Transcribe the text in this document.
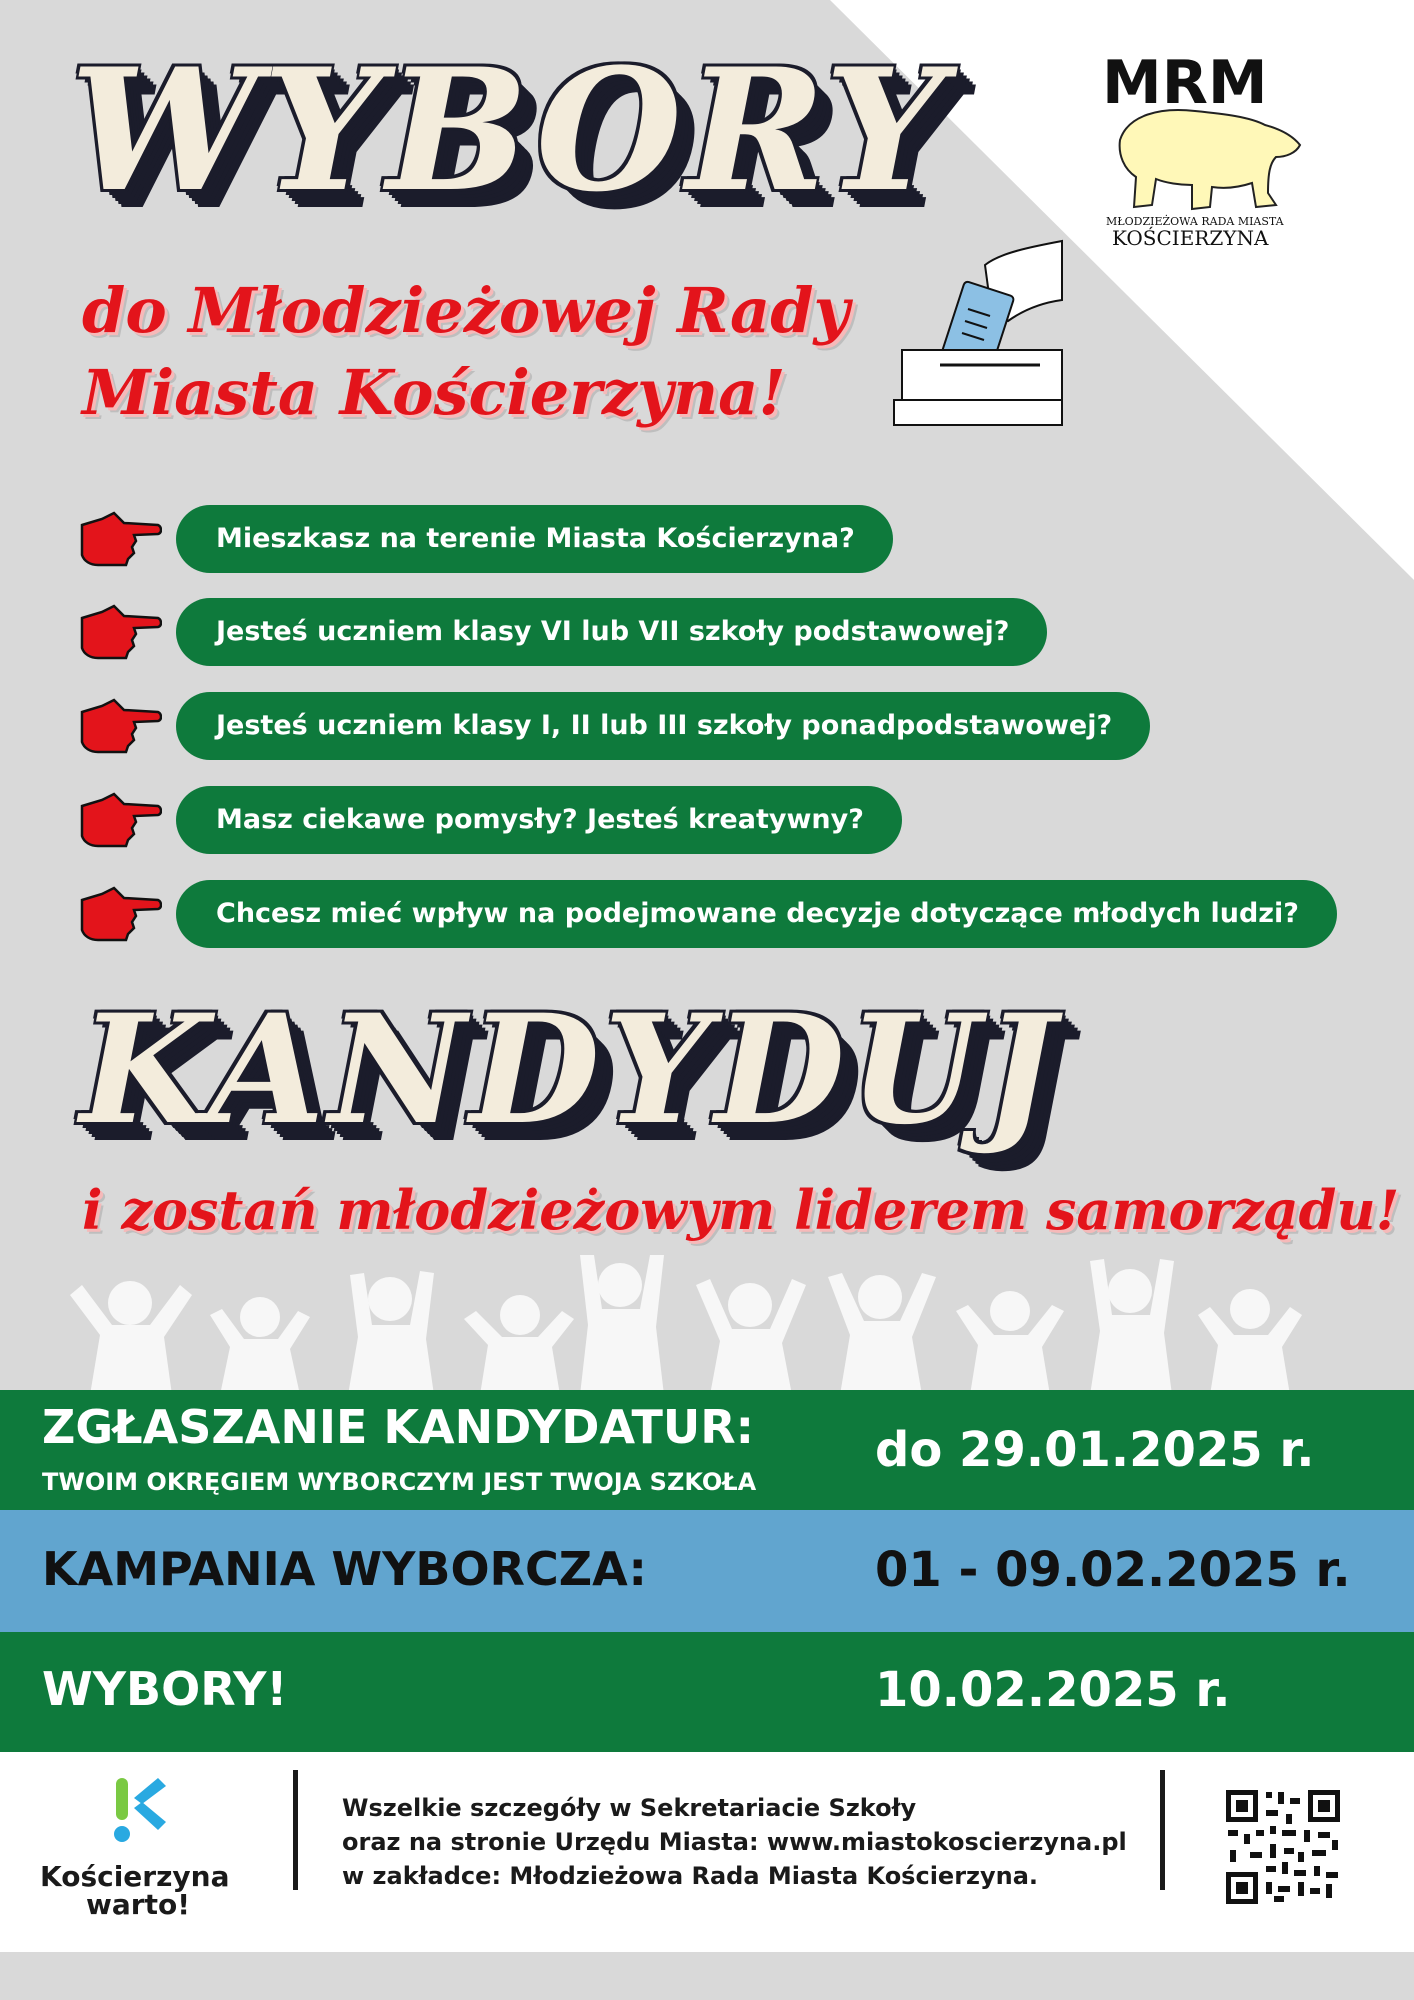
WYBORY
do Młodzieżowej Rady
Miasta Kościerzyna!
MRM
MŁODZIEŻOWA RADA MIASTA
KOŚCIERZYNA
Mieszkasz na terenie Miasta Kościerzyna?
Jesteś uczniem klasy VI lub VII szkoły podstawowej?
Jesteś uczniem klasy I, II lub III szkoły ponadpodstawowej?
Masz ciekawe pomysły? Jesteś kreatywny?
Chcesz mieć wpływ na podejmowane decyzje dotyczące młodych ludzi?
KANDYDUJ
i zostań młodzieżowym liderem samorządu!
ZGŁASZANIE KANDYDATUR:
TWOIM OKRĘGIEM WYBORCZYM JEST TWOJA SZKOŁA
do 29.01.2025 r.
KAMPANIA WYBORCZA:	01 - 09.02.2025 r.
WYBORY!	10.02.2025 r.
Kościerzyna
warto!
Wszelkie szczegóły w Sekretariacie Szkoły
oraz na stronie Urzędu Miasta: www.miastokoscierzyna.pl
w zakładce: Młodzieżowa Rada Miasta Kościerzyna.
